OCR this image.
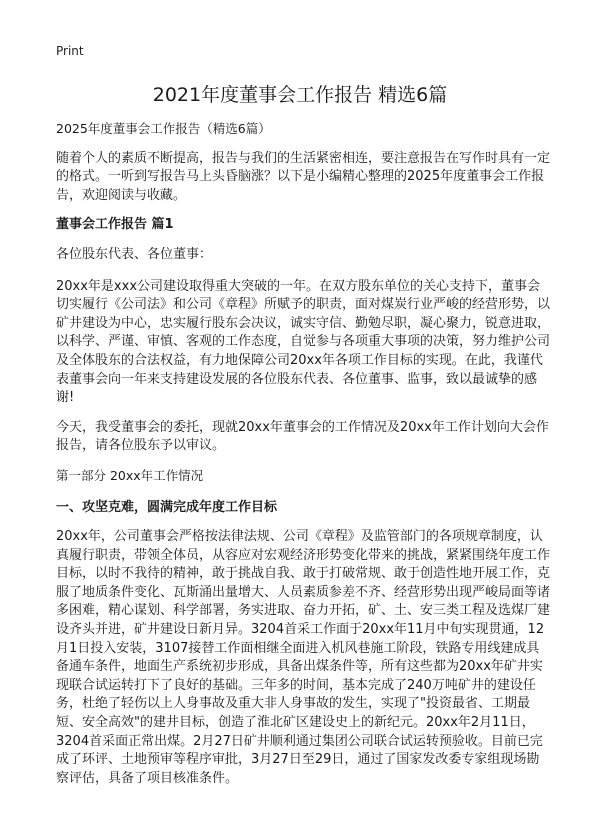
Print
2021年度董事会工作报告 精选6篇

2025年度董事会工作报告（精选6篇）

随着个人的素质不断提高，报告与我们的生活紧密相连，要注意报告在写作时具有一定的格式。一听到写报告马上头昏脑涨？以下是小编精心整理的2025年度董事会工作报告，欢迎阅读与收藏。

董事会工作报告 篇1

各位股东代表、各位董事：

20xx年是xxx公司建设取得重大突破的一年。在双方股东单位的关心支持下，董事会切实履行《公司法》和公司《章程》所赋予的职责，面对煤炭行业严峻的经营形势，以矿井建设为中心，忠实履行股东会决议，诚实守信、勤勉尽职，凝心聚力，锐意进取，以科学、严谨、审慎、客观的工作态度，自觉参与各项重大事项的决策，努力维护公司及全体股东的合法权益，有力地保障公司20xx年各项工作目标的实现。在此，我谨代表董事会向一年来支持建设发展的各位股东代表、各位董事、监事，致以最诚挚的感谢!

今天，我受董事会的委托，现就20xx年董事会的工作情况及20xx年工作计划向大会作报告，请各位股东予以审议。

第一部分 20xx年工作情况

一、攻坚克难，圆满完成年度工作目标

20xx年，公司董事会严格按法律法规、公司《章程》及监管部门的各项规章制度，认真履行职责，带领全体员，从容应对宏观经济形势变化带来的挑战，紧紧围绕年度工作目标，以时不我待的精神，敢于挑战自我、敢于打破常规、敢于创造性地开展工作，克服了地质条件变化、瓦斯涌出量增大、人员素质参差不齐、经营形势出现严峻局面等诸多困难，精心谋划、科学部署，务实进取、奋力开拓，矿、土、安三类工程及选煤厂建设齐头并进，矿井建设日新月异。3204首采工作面于20xx年11月中旬实现贯通，12月1日投入安装，3107接替工作面相继全面进入机风巷施工阶段，铁路专用线建成具备通车条件，地面生产系统初步形成，具备出煤条件等，所有这些都为20xx年矿井实现联合试运转打下了良好的基础。三年多的时间，基本完成了240万吨矿井的建设任务，杜绝了轻伤以上人身事故及重大非人身事故的发生，实现了"投资最省、工期最短、安全高效"的建井目标，创造了淮北矿区建设史上的新纪元。20xx年2月11日，3204首采面正常出煤。2月27日矿井顺利通过集团公司联合试运转预验收。目前已完成了环评、土地预审等程序审批，3月27日至29日，通过了国家发改委专家组现场勘察评估，具备了项目核准条件。
